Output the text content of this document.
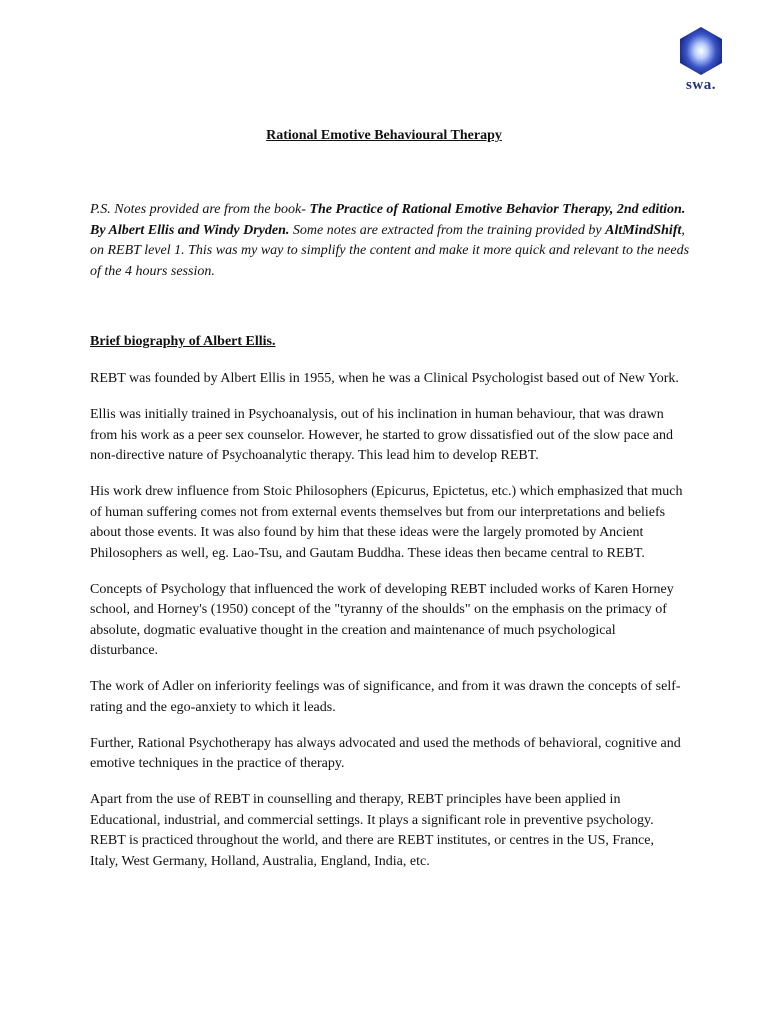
swa.
Rational Emotive Behavioural Therapy
P.S. Notes provided are from the book- The Practice of Rational Emotive Behavior Therapy, 2nd edition. By Albert Ellis and Windy Dryden. Some notes are extracted from the training provided by AltMindShift, on REBT level 1. This was my way to simplify the content and make it more quick and relevant to the needs of the 4 hours session.
Brief biography of Albert Ellis.

REBT was founded by Albert Ellis in 1955, when he was a Clinical Psychologist based out of New York.

Ellis was initially trained in Psychoanalysis, out of his inclination in human behaviour, that was drawn from his work as a peer sex counselor. However, he started to grow dissatisfied out of the slow pace and non-directive nature of Psychoanalytic therapy. This lead him to develop REBT.

His work drew influence from Stoic Philosophers (Epicurus, Epictetus, etc.) which emphasized that much of human suffering comes not from external events themselves but from our interpretations and beliefs about those events. It was also found by him that these ideas were the largely promoted by Ancient Philosophers as well, eg. Lao-Tsu, and Gautam Buddha. These ideas then became central to REBT.

Concepts of Psychology that influenced the work of developing REBT included works of Karen Horney school, and Horney's (1950) concept of the "tyranny of the shoulds" on the emphasis on the primacy of absolute, dogmatic evaluative thought in the creation and maintenance of much psychological disturbance.

The work of Adler on inferiority feelings was of significance, and from it was drawn the concepts of self-rating and the ego-anxiety to which it leads.

Further, Rational Psychotherapy has always advocated and used the methods of behavioral, cognitive and emotive techniques in the practice of therapy.

Apart from the use of REBT in counselling and therapy, REBT principles have been applied in Educational, industrial, and commercial settings. It plays a significant role in preventive psychology. REBT is practiced throughout the world, and there are REBT institutes, or centres in the US, France, Italy, West Germany, Holland, Australia, England, India, etc.
